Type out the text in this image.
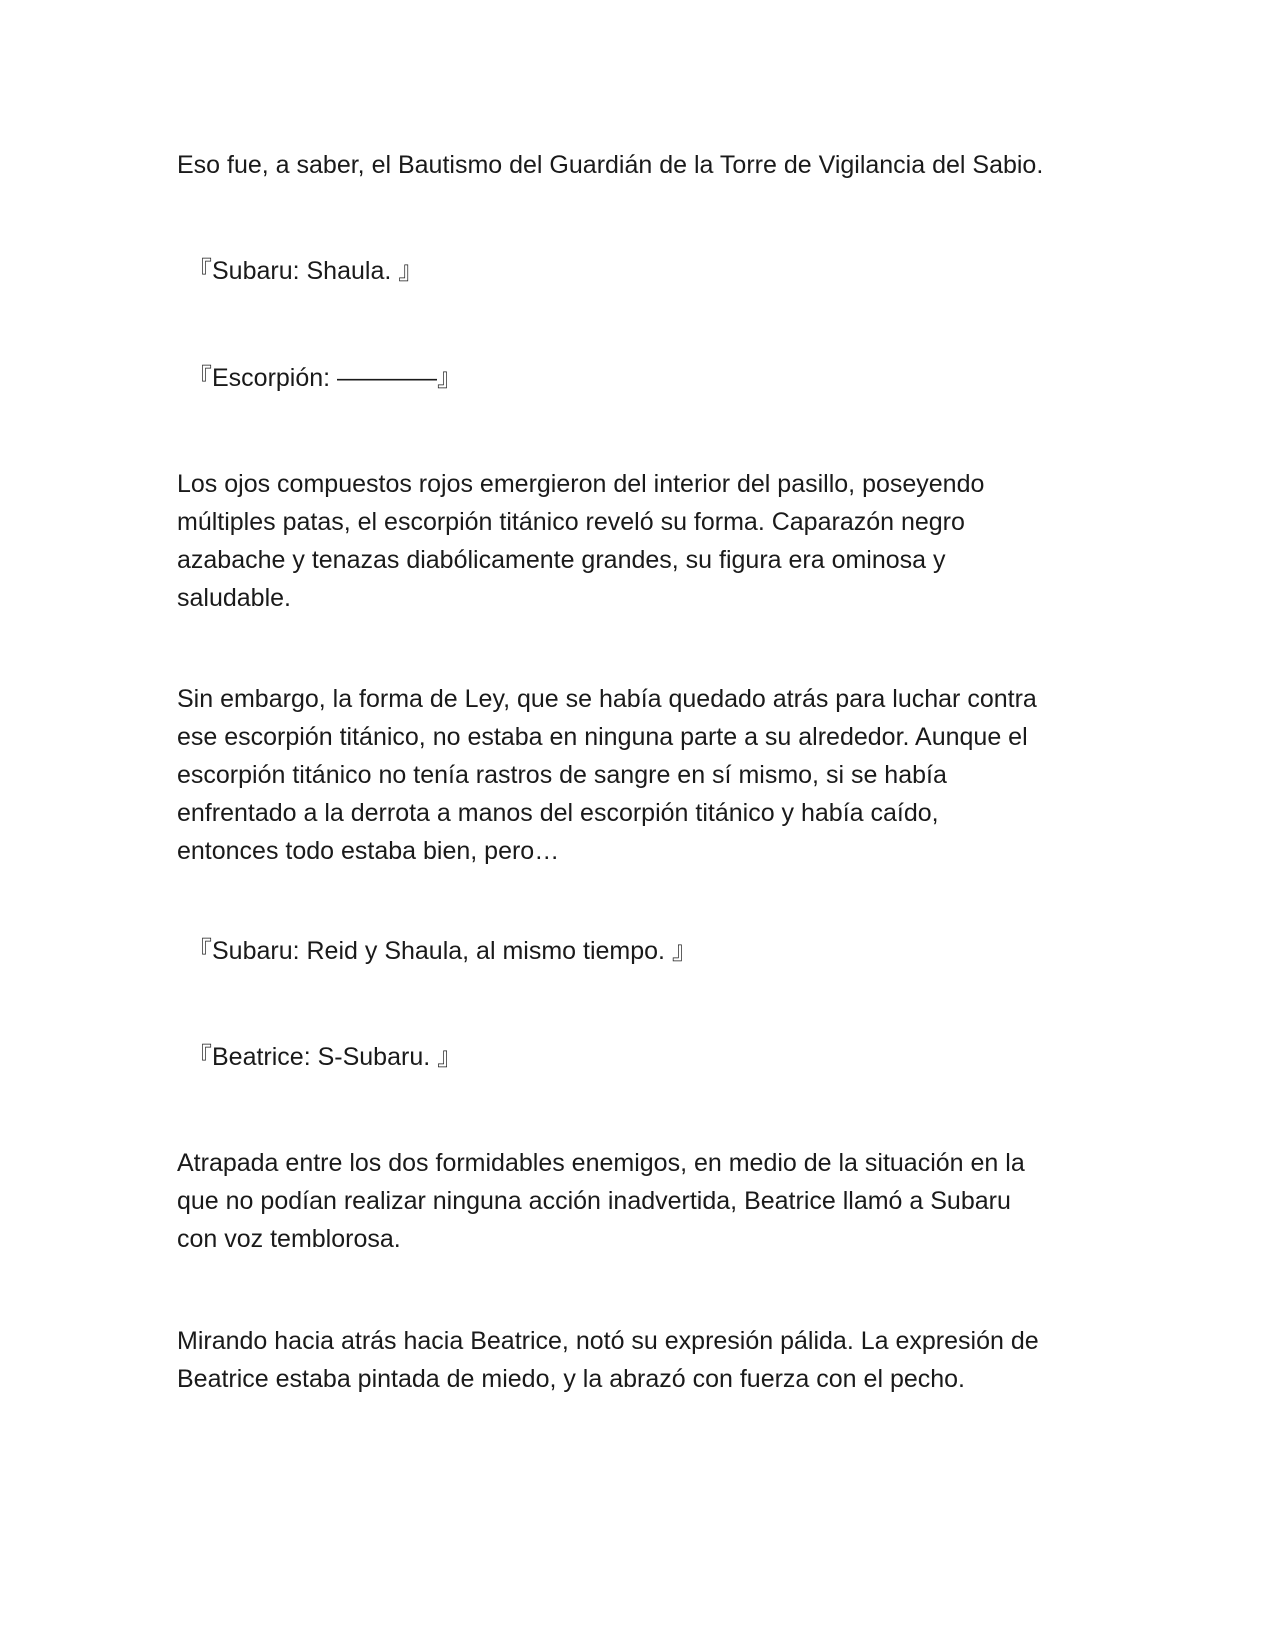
Eso fue, a saber, el Bautismo del Guardián de la Torre de Vigilancia del Sabio.
『Subaru: Shaula. 』
『Escorpión: ————』
Los ojos compuestos rojos emergieron del interior del pasillo, poseyendo
múltiples patas, el escorpión titánico reveló su forma. Caparazón negro
azabache y tenazas diabólicamente grandes, su figura era ominosa y
saludable.
Sin embargo, la forma de Ley, que se había quedado atrás para luchar contra
ese escorpión titánico, no estaba en ninguna parte a su alrededor. Aunque el
escorpión titánico no tenía rastros de sangre en sí mismo, si se había
enfrentado a la derrota a manos del escorpión titánico y había caído,
entonces todo estaba bien, pero…
『Subaru: Reid y Shaula, al mismo tiempo. 』
『Beatrice: S-Subaru. 』
Atrapada entre los dos formidables enemigos, en medio de la situación en la
que no podían realizar ninguna acción inadvertida, Beatrice llamó a Subaru
con voz temblorosa.
Mirando hacia atrás hacia Beatrice, notó su expresión pálida. La expresión de
Beatrice estaba pintada de miedo, y la abrazó con fuerza con el pecho.
